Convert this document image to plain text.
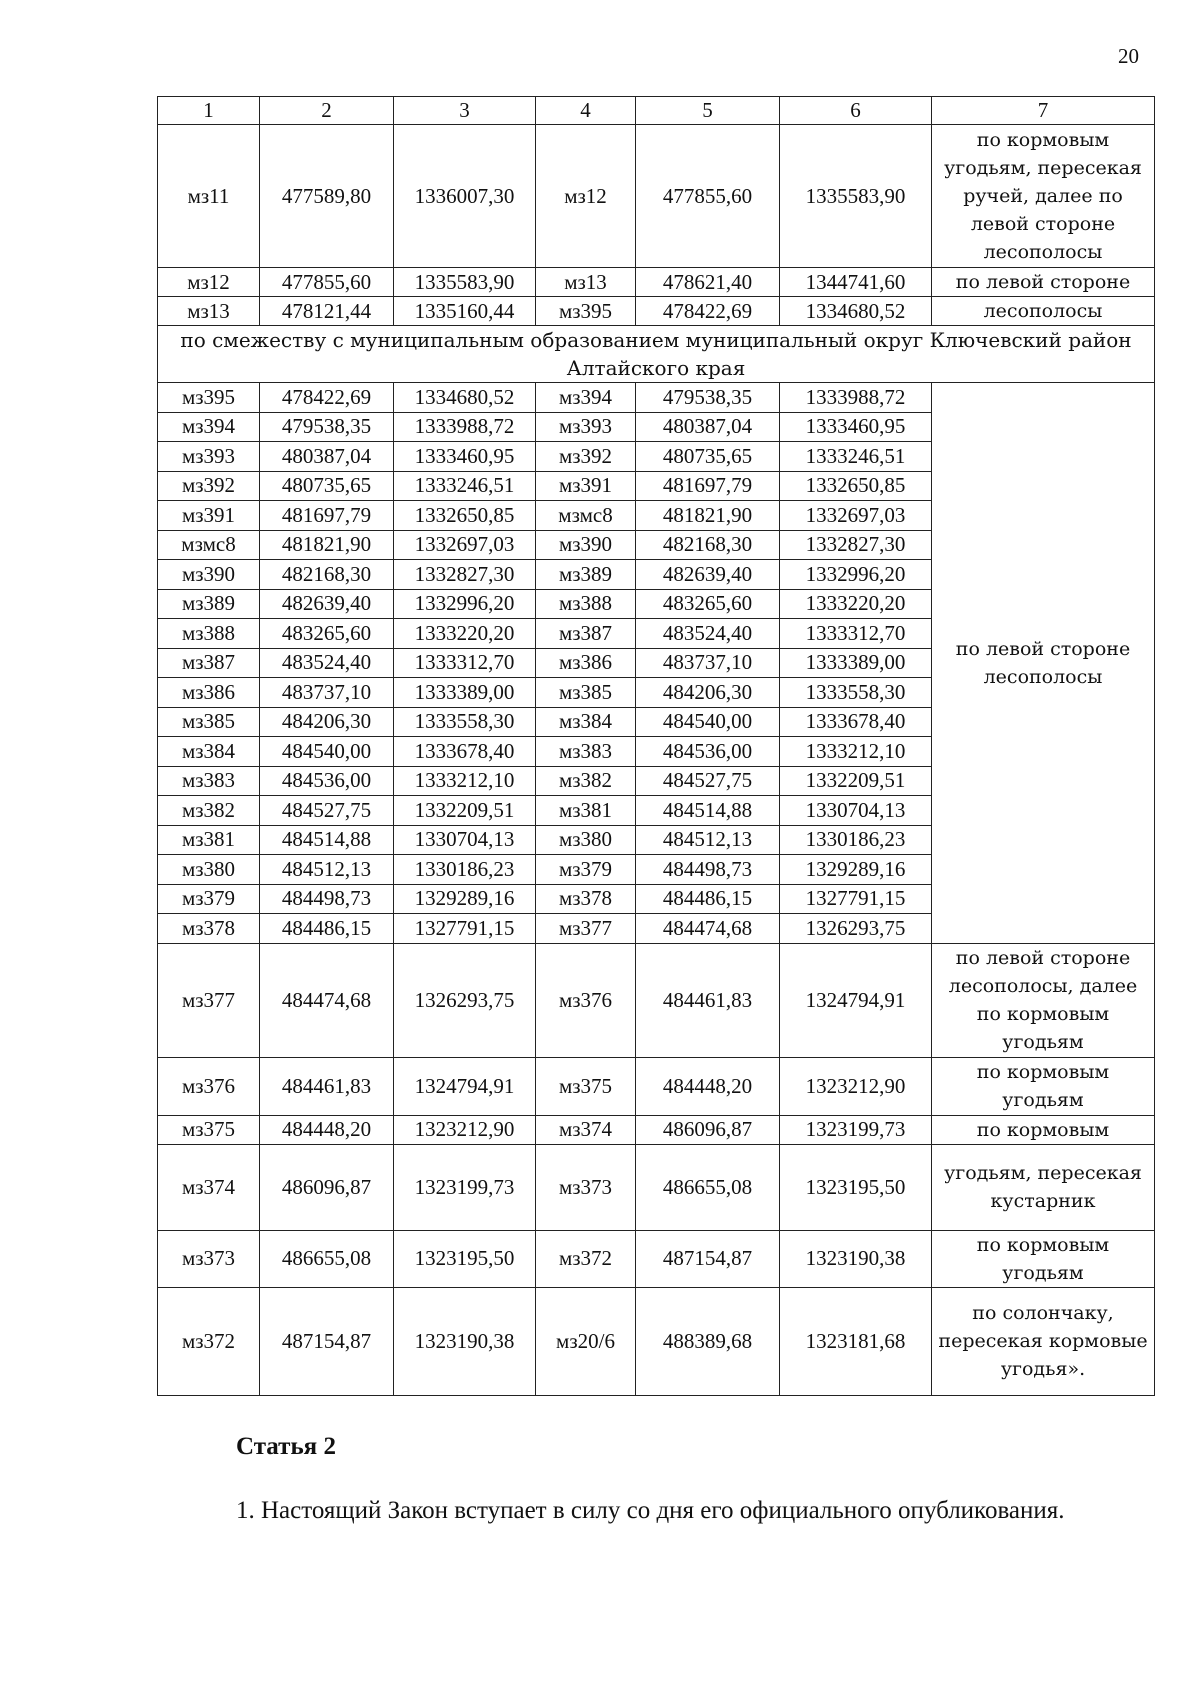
20
1	2	3	4	5	6	7
мз11	477589,80	1336007,30	мз12	477855,60	1335583,90	по кормовым угодьям, пересекая ручей, далее по левой стороне лесополосы
мз12	477855,60	1335583,90	мз13	478621,40	1344741,60	по левой стороне
мз13	478121,44	1335160,44	мз395	478422,69	1334680,52	лесополосы
по смежеству с муниципальным образованием муниципальный округ Ключевский район Алтайского края						
мз395	478422,69	1334680,52	мз394	479538,35	1333988,72	по левой стороне лесополосы
мз394	479538,35	1333988,72	мз393	480387,04	1333460,95	
мз393	480387,04	1333460,95	мз392	480735,65	1333246,51	
мз392	480735,65	1333246,51	мз391	481697,79	1332650,85	
мз391	481697,79	1332650,85	мзмс8	481821,90	1332697,03	
мзмс8	481821,90	1332697,03	мз390	482168,30	1332827,30	
мз390	482168,30	1332827,30	мз389	482639,40	1332996,20	
мз389	482639,40	1332996,20	мз388	483265,60	1333220,20	
мз388	483265,60	1333220,20	мз387	483524,40	1333312,70	
мз387	483524,40	1333312,70	мз386	483737,10	1333389,00	
мз386	483737,10	1333389,00	мз385	484206,30	1333558,30	
мз385	484206,30	1333558,30	мз384	484540,00	1333678,40	
мз384	484540,00	1333678,40	мз383	484536,00	1333212,10	
мз383	484536,00	1333212,10	мз382	484527,75	1332209,51	
мз382	484527,75	1332209,51	мз381	484514,88	1330704,13	
мз381	484514,88	1330704,13	мз380	484512,13	1330186,23	
мз380	484512,13	1330186,23	мз379	484498,73	1329289,16	
мз379	484498,73	1329289,16	мз378	484486,15	1327791,15	
мз378	484486,15	1327791,15	мз377	484474,68	1326293,75	
мз377	484474,68	1326293,75	мз376	484461,83	1324794,91	по левой стороне лесополосы, далее по кормовым угодьям
мз376	484461,83	1324794,91	мз375	484448,20	1323212,90	по кормовым угодьям
мз375	484448,20	1323212,90	мз374	486096,87	1323199,73	по кормовым
мз374	486096,87	1323199,73	мз373	486655,08	1323195,50	угодьям, пересекая кустарник
мз373	486655,08	1323195,50	мз372	487154,87	1323190,38	по кормовым угодьям
мз372	487154,87	1323190,38	мз20/6	488389,68	1323181,68	по солончаку, пересекая кормовые угодья».
Статья 2
1. Настоящий Закон вступает в силу со дня его официального опубликования.
